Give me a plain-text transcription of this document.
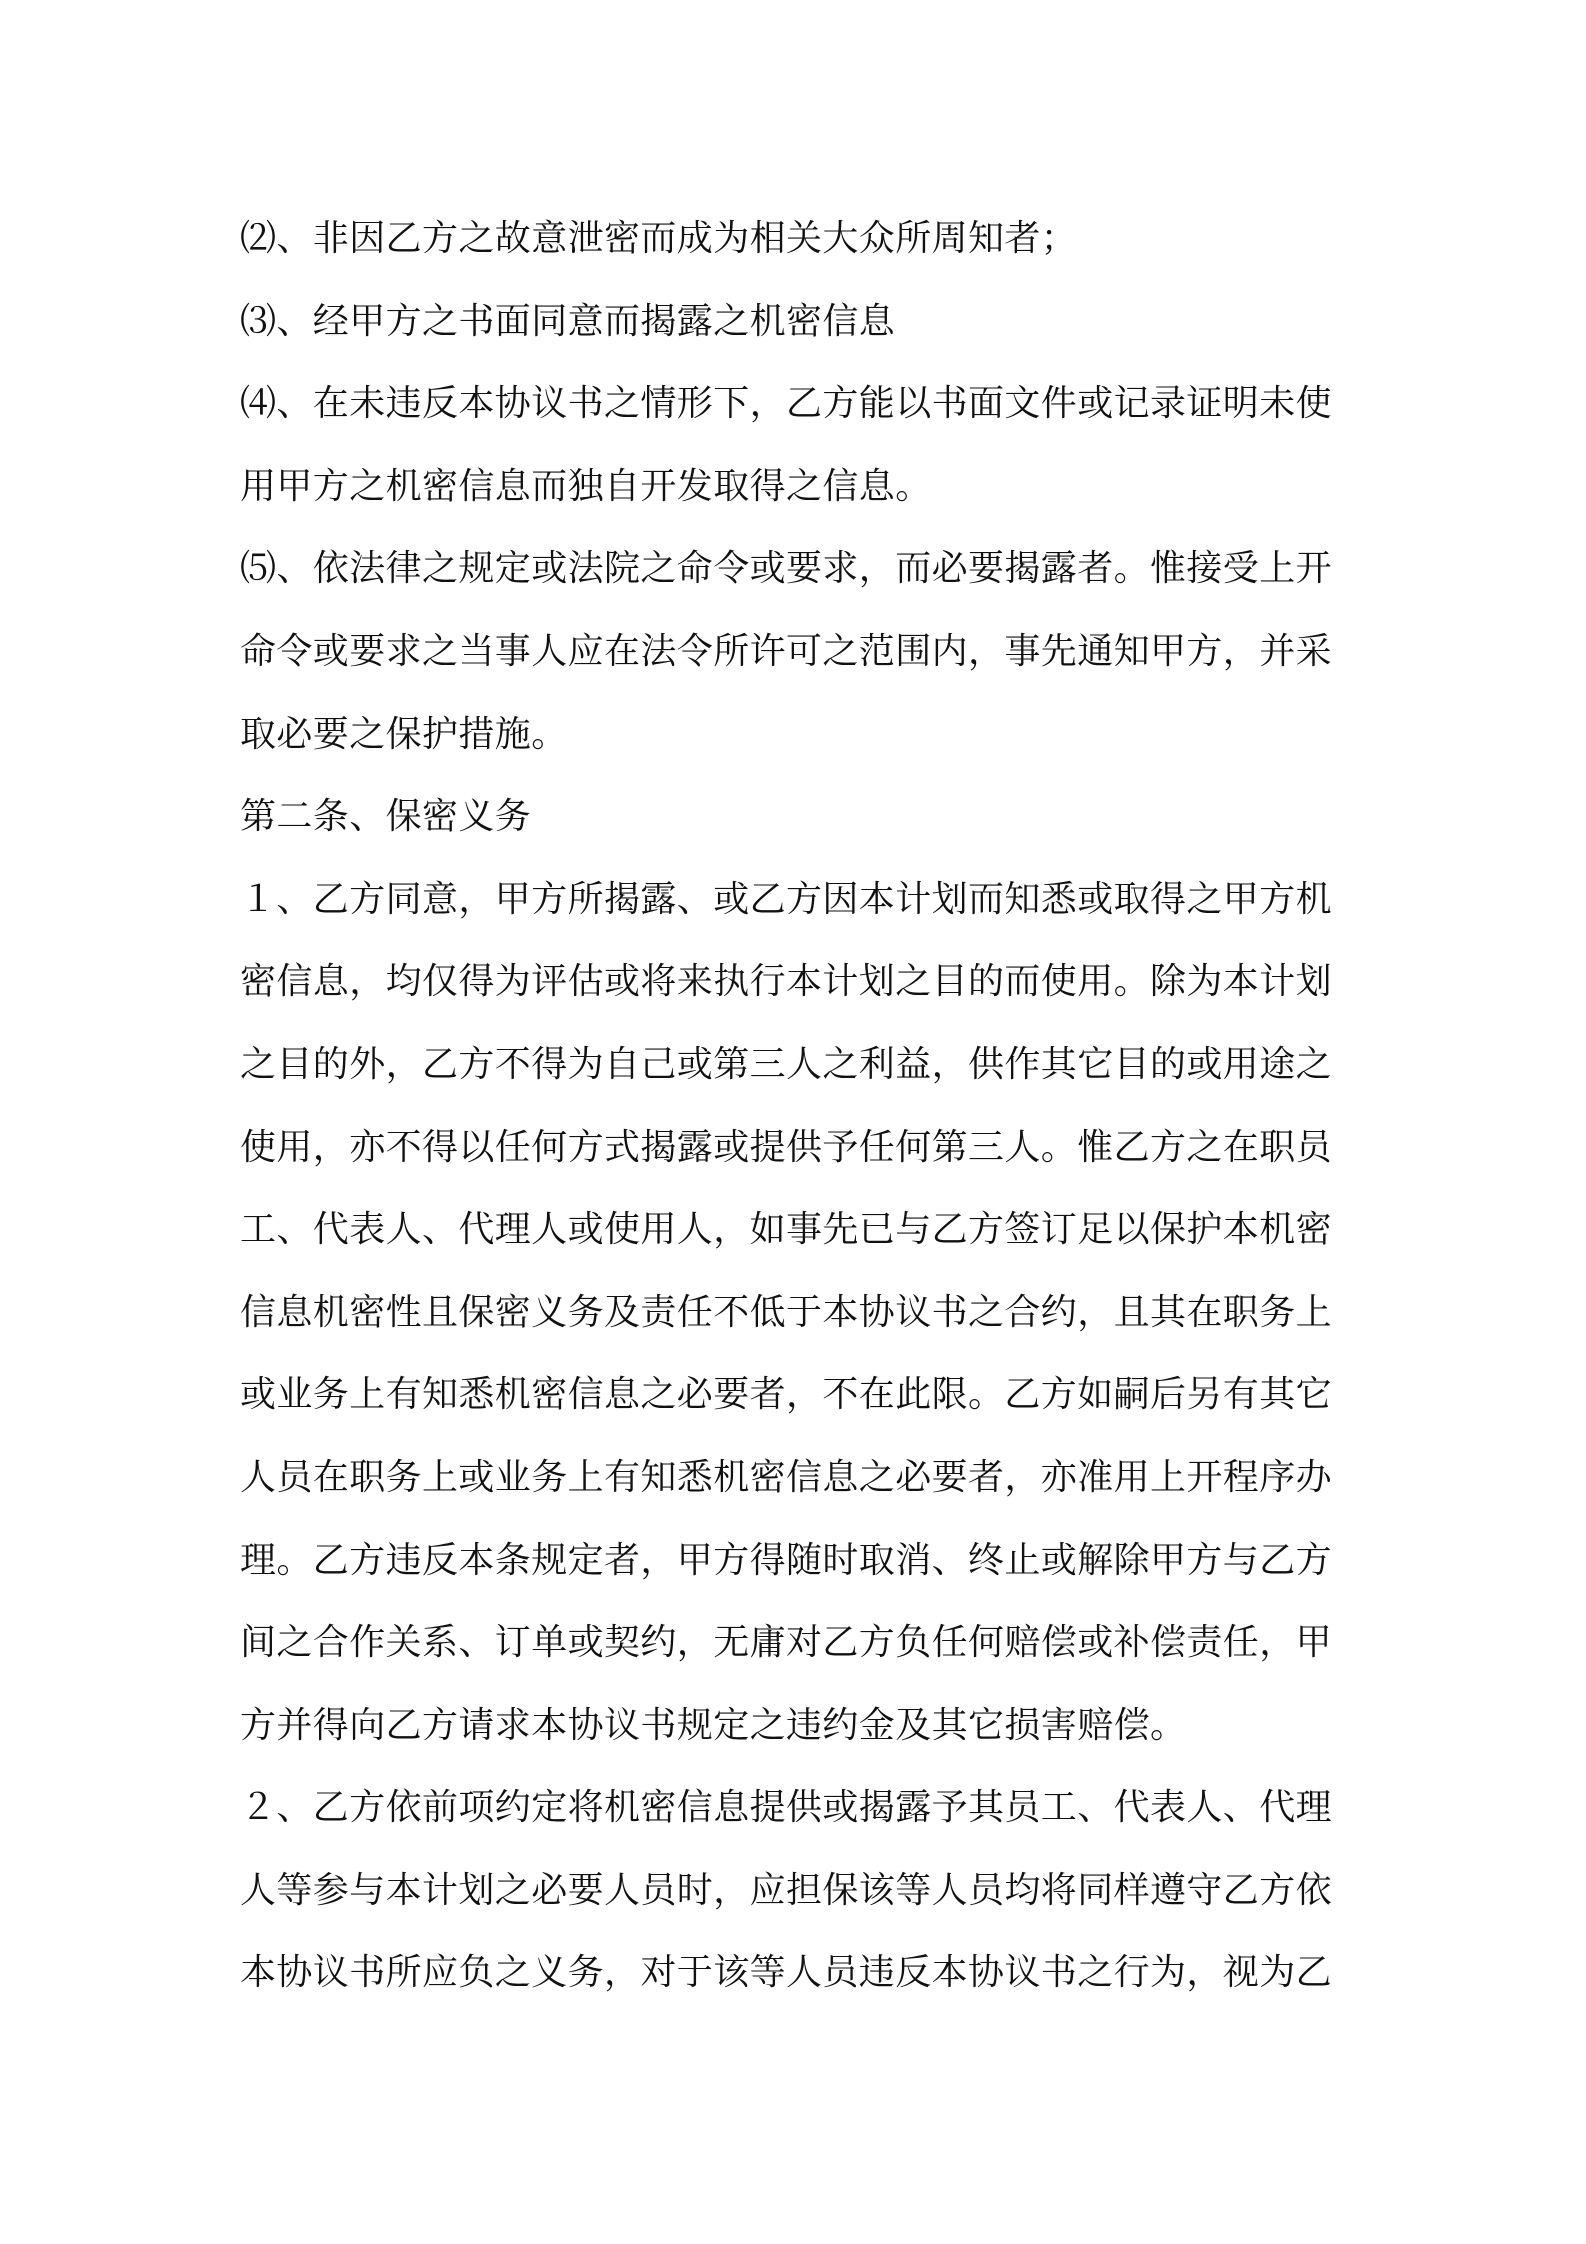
⑵、非因乙方之故意泄密而成为相关大众所周知者；
⑶、经甲方之书面同意而揭露之机密信息
⑷、在未违反本协议书之情形下，乙方能以书面文件或记录证明未使
用甲方之机密信息而独自开发取得之信息。
⑸、依法律之规定或法院之命令或要求，而必要揭露者。惟接受上开
命令或要求之当事人应在法令所许可之范围内，事先通知甲方，并采
取必要之保护措施。
第二条、保密义务
１、乙方同意，甲方所揭露、或乙方因本计划而知悉或取得之甲方机
密信息，均仅得为评估或将来执行本计划之目的而使用。除为本计划
之目的外，乙方不得为自己或第三人之利益，供作其它目的或用途之
使用，亦不得以任何方式揭露或提供予任何第三人。惟乙方之在职员
工、代表人、代理人或使用人，如事先已与乙方签订足以保护本机密
信息机密性且保密义务及责任不低于本协议书之合约，且其在职务上
或业务上有知悉机密信息之必要者，不在此限。乙方如嗣后另有其它
人员在职务上或业务上有知悉机密信息之必要者，亦准用上开程序办
理。乙方违反本条规定者，甲方得随时取消、终止或解除甲方与乙方
间之合作关系、订单或契约，无庸对乙方负任何赔偿或补偿责任，甲
方并得向乙方请求本协议书规定之违约金及其它损害赔偿。
２、乙方依前项约定将机密信息提供或揭露予其员工、代表人、代理
人等参与本计划之必要人员时，应担保该等人员均将同样遵守乙方依
本协议书所应负之义务，对于该等人员违反本协议书之行为，视为乙
